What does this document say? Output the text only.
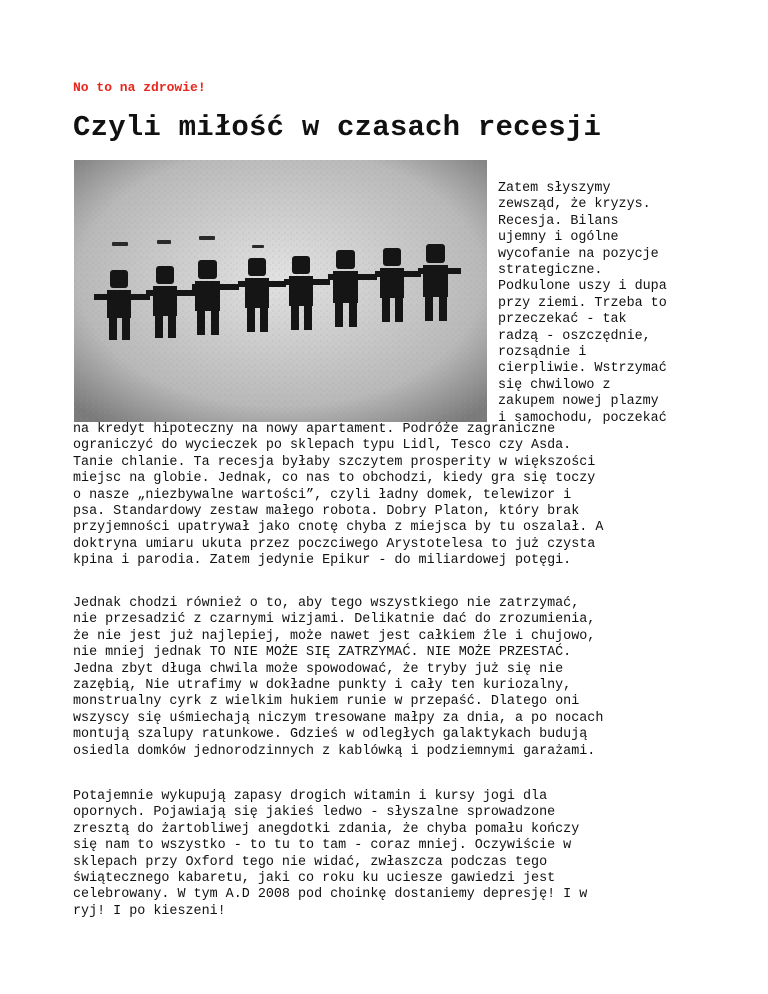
No to na zdrowie!

Czyli miłość w czasach recesji

Zatem słyszymy
zewsząd, że kryzys.
Recesja. Bilans
ujemny i ogólne
wycofanie na pozycje
strategiczne.
Podkulone uszy i dupa
przy ziemi. Trzeba to
przeczekać - tak
radzą - oszczędnie,
rozsądnie i
cierpliwie. Wstrzymać
się chwilowo z
zakupem nowej plazmy
i samochodu, poczekać

na kredyt hipoteczny na nowy apartament. Podróże zagraniczne
ograniczyć do wycieczek po sklepach typu Lidl, Tesco czy Asda.
Tanie chlanie. Ta recesja byłaby szczytem prosperity w większości
miejsc na globie. Jednak, co nas to obchodzi, kiedy gra się toczy
o nasze „niezbywalne wartości”, czyli ładny domek, telewizor i
psa. Standardowy zestaw małego robota. Dobry Platon, który brak
przyjemności upatrywał jako cnotę chyba z miejsca by tu oszalał. A
doktryna umiaru ukuta przez poczciwego Arystotelesa to już czysta
kpina i parodia. Zatem jedynie Epikur - do miliardowej potęgi.

Jednak chodzi również o to, aby tego wszystkiego nie zatrzymać,
nie przesadzić z czarnymi wizjami. Delikatnie dać do zrozumienia,
że nie jest już najlepiej, może nawet jest całkiem źle i chujowo,
nie mniej jednak TO NIE MOŻE SIĘ ZATRZYMAĆ. NIE MOŻE PRZESTAĆ.
Jedna zbyt długa chwila może spowodować, że tryby już się nie
zazębią, Nie utrafimy w dokładne punkty i cały ten kuriozalny,
monstrualny cyrk z wielkim hukiem runie w przepaść. Dlatego oni
wszyscy się uśmiechają niczym tresowane małpy za dnia, a po nocach
montują szalupy ratunkowe. Gdzieś w odległych galaktykach budują
osiedla domków jednorodzinnych z kablówką i podziemnymi garażami.

Potajemnie wykupują zapasy drogich witamin i kursy jogi dla
opornych. Pojawiają się jakieś ledwo - słyszalne sprowadzone
zresztą do żartobliwej anegdotki zdania, że chyba pomału kończy
się nam to wszystko - to tu to tam - coraz mniej. Oczywiście w
sklepach przy Oxford tego nie widać, zwłaszcza podczas tego
świątecznego kabaretu, jaki co roku ku uciesze gawiedzi jest
celebrowany. W tym A.D 2008 pod choinkę dostaniemy depresję! I w
ryj! I po kieszeni!
